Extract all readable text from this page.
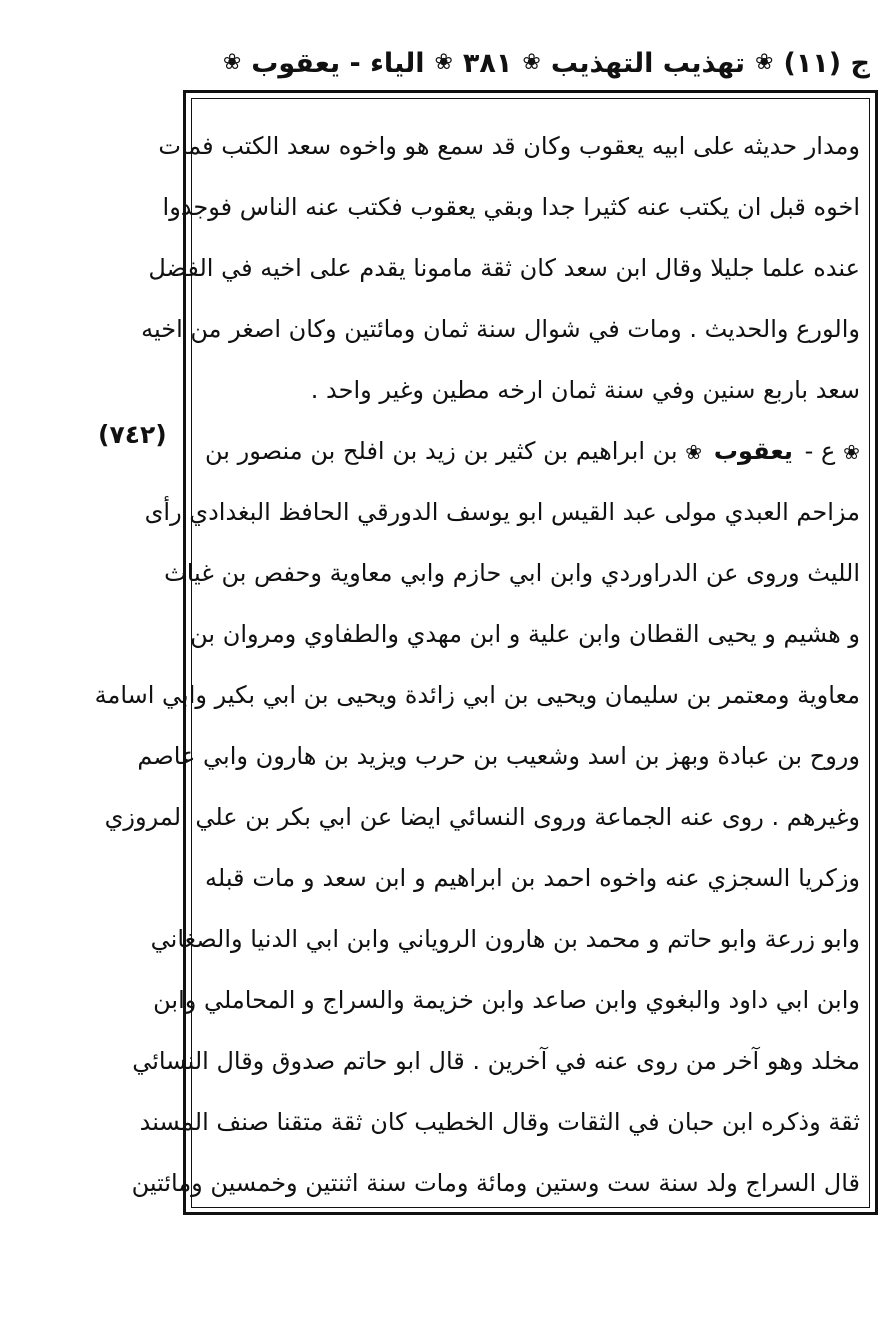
ج (١١)
❀
تهذيب التهذيب
❀
٣٨١
❀
الياء - يعقوب
❀
(٧٤٢)
ومدار حديثه على ابيه يعقوب وكان قد سمع هو واخوه سعد الكتب فمات
اخوه قبل ان يكتب عنه كثيرا جدا وبقي يعقوب فكتب عنه الناس فوجدوا
عنده علما جليلا وقال ابن سعد كان ثقة مامونا يقدم على اخيه في الفضل
والورع والحديث . ومات في شوال سنة ثمان ومائتين وكان اصغر من اخيه
سعد باربع سنين وفي سنة ثمان ارخه مطين وغير واحد .
❀ ع - يعقوب ❀ بن ابراهيم بن كثير بن زيد بن افلح بن منصور بن
مزاحم العبدي مولى عبد القيس ابو يوسف الدورقي الحافظ البغدادي رأى
الليث وروى عن الدراوردي وابن ابي حازم وابي معاوية وحفص بن غياث
و هشيم و يحيى القطان وابن علية و ابن مهدي والطفاوي ومروان بن
معاوية ومعتمر بن سليمان ويحيى بن ابي زائدة ويحيى بن ابي بكير وابي اسامة
وروح بن عبادة وبهز بن اسد وشعيب بن حرب ويزيد بن هارون وابي عاصم
وغيرهم . روى عنه الجماعة وروى النسائي ايضا عن ابي بكر بن علي المروزي
وزكريا السجزي عنه واخوه احمد بن ابراهيم و ابن سعد و مات قبله
وابو زرعة وابو حاتم و محمد بن هارون الروياني وابن ابي الدنيا والصغاني
وابن ابي داود والبغوي وابن صاعد وابن خزيمة والسراج و المحاملي وابن
مخلد وهو آخر من روى عنه في آخرين . قال ابو حاتم صدوق وقال النسائي
ثقة وذكره ابن حبان في الثقات وقال الخطيب كان ثقة متقنا صنف المسند
قال السراج ولد سنة ست وستين ومائة ومات سنة اثنتين وخمسين ومائتين
